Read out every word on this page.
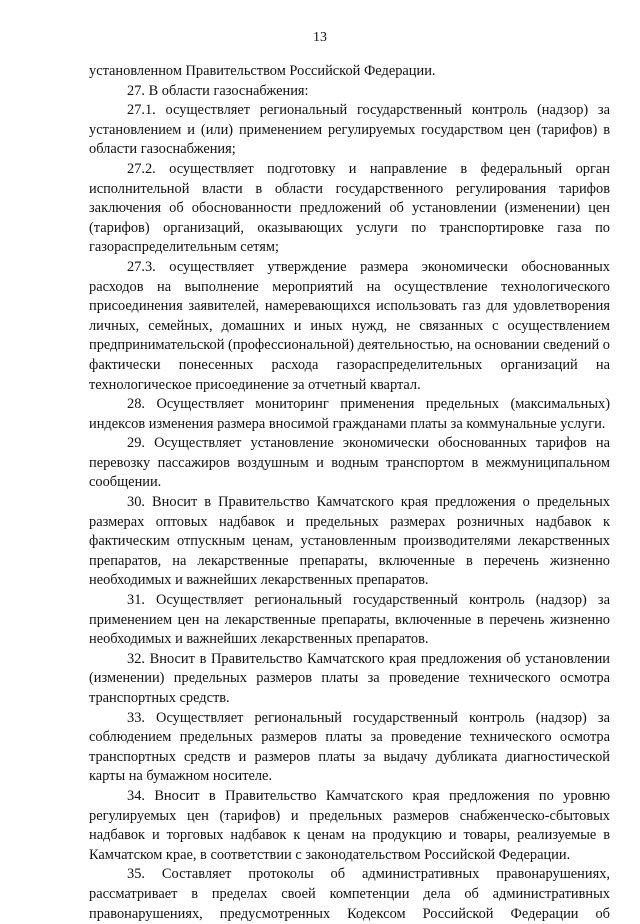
13

установленном Правительством Российской Федерации.

27. В области газоснабжения:

27.1. осуществляет региональный государственный контроль (надзор) за установлением и (или) применением регулируемых государством цен (тарифов) в области газоснабжения;

27.2. осуществляет подготовку и направление в федеральный орган исполнительной власти в области государственного регулирования тарифов заключения об обоснованности предложений об установлении (изменении) цен (тарифов) организаций, оказывающих услуги по транспортировке газа по газораспределительным сетям;

27.3. осуществляет утверждение размера экономически обоснованных расходов на выполнение мероприятий на осуществление технологического присоединения заявителей, намеревающихся использовать газ для удовлетворения личных, семейных, домашних и иных нужд, не связанных с осуществлением предпринимательской (профессиональной) деятельностью, на основании сведений о фактически понесенных расхода газораспределительных организаций на технологическое присоединение за отчетный квартал.

28. Осуществляет мониторинг применения предельных (максимальных) индексов изменения размера вносимой гражданами платы за коммунальные услуги.

29. Осуществляет установление экономически обоснованных тарифов на перевозку пассажиров воздушным и водным транспортом в межмуниципальном сообщении.

30. Вносит в Правительство Камчатского края предложения о предельных размерах оптовых надбавок и предельных размерах розничных надбавок к фактическим отпускным ценам, установленным производителями лекарственных препаратов, на лекарственные препараты, включенные в перечень жизненно необходимых и важнейших лекарственных препаратов.

31. Осуществляет региональный государственный контроль (надзор) за применением цен на лекарственные препараты, включенные в перечень жизненно необходимых и важнейших лекарственных препаратов.

32. Вносит в Правительство Камчатского края предложения об установлении (изменении) предельных размеров платы за проведение технического осмотра транспортных средств.

33. Осуществляет региональный государственный контроль (надзор) за соблюдением предельных размеров платы за проведение технического осмотра транспортных средств и размеров платы за выдачу дубликата диагностической карты на бумажном носителе.

34. Вносит в Правительство Камчатского края предложения по уровню регулируемых цен (тарифов) и предельных размеров снабженческо-сбытовых надбавок и торговых надбавок к ценам на продукцию и товары, реализуемые в Камчатском крае, в соответствии с законодательством Российской Федерации.

35. Составляет протоколы об административных правонарушениях, рассматривает в пределах своей компетенции дела об административных правонарушениях, предусмотренных Кодексом Российской Федерации об
